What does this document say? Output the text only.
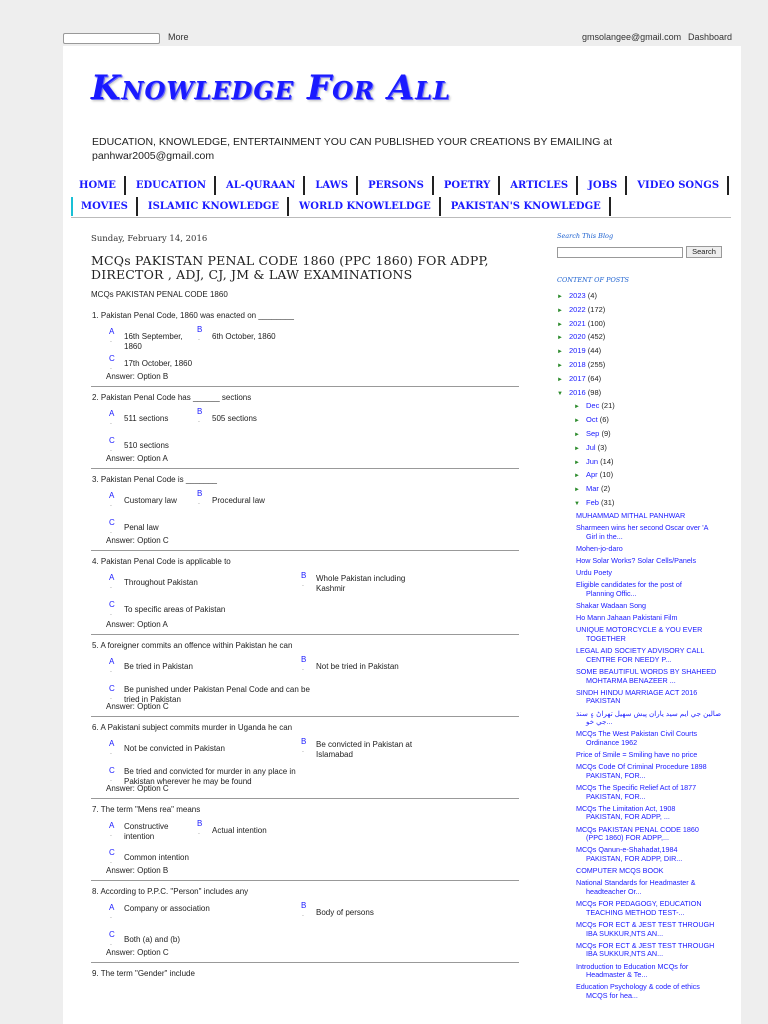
More	gmsolangee@gmail.com Dashboard
Knowledge For All
EDUCATION, KNOWLEDGE, ENTERTAINMENT YOU CAN PUBLISHED YOUR CREATIONS BY EMAILING at panhwar2005@gmail.com
HOME	EDUCATION	AL-QURAAN	LAWS	PERSONS	POETRY	ARTICLES	JOBS	VIDEO SONGS
MOVIES	ISLAMIC KNOWLEDGE	WORLD KNOWLELDGE	PAKISTAN'S KNOWLEDGE
Sunday, February 14, 2016
MCQs PAKISTAN PENAL CODE 1860 (PPC 1860) FOR ADPP, DIRECTOR , ADJ, CJ, JM & LAW EXAMINATIONS
MCQs PAKISTAN PENAL CODE 1860
1. Pakistan Penal Code, 1860 was enacted on ________
A
. 16th September, 1860
B
. 6th October, 1860
C
. 17th October, 1860
Answer: Option B
2. Pakistan Penal Code has ______ sections
A
. 511 sections
B
. 505 sections
C
. 510 sections
Answer: Option A
3. Pakistan Penal Code is _______
A
. Customary law
B
. Procedural law
C
. Penal law
Answer: Option C
4. Pakistan Penal Code is applicable to
A
. Throughout Pakistan
B
.
Whole Pakistan including Kashmir
C
. To specific areas of Pakistan
Answer: Option A
5. A foreigner commits an offence within Pakistan he can
A
. Be tried in Pakistan
B
. Not be tried in Pakistan
C
.
Be punished under Pakistan Penal Code and can be tried in Pakistan
Answer: Option C
6. A Pakistani subject commits murder in Uganda he can
A
. Not be convicted in Pakistan
B
.
Be convicted in Pakistan at Islamabad
C
.
Be tried and convicted for murder in any place in Pakistan wherever he may be found
Answer: Option C
7. The term "Mens rea" means
A
.
Constructive intention
B
. Actual intention
C
. Common intention
Answer: Option B
8. According to P.P.C. "Person" includes any
A
.
Company or association	B
. Body of persons
C
. Both (a) and (b)
Answer: Option C
9. The term "Gender" include
Search This Blog
Search
CONTENT OF POSTS
► 2023 (4)
► 2022 (172)
► 2021 (100)
► 2020 (452)
► 2019 (44)
► 2018 (255)
► 2017 (64)
▼ 2016 (98)
► Dec (21)
► Oct (6)
► Sep (9)
► Jul (3)
► Jun (14)
► Apr (10)
► Mar (2)
▼ Feb (31)
MUHAMMAD MITHAL PANHWAR
Sharmeen wins her second Oscar over 'A
Girl in the...
Mohen-jo-daro
How Solar Works? Solar Cells/Panels
Urdu Poety
Eligible candidates for the post of
Planning Offic...
Shakar Wadaan Song
Ho Mann Jahaan Pakistani Film
UNIQUE MOTORCYCLE & YOU EVER
TOGETHER
LEGAL AID SOCIETY ADVISORY CALL
CENTRE FOR NEEDY P...
SOME BEAUTIFUL WORDS BY SHAHEED
MOHTARMA BENAZEER ...
SINDH HINDU MARRIAGE ACT 2016
PAKISTAN
صالين جي ايم سيد ياران پيش سهيل تهراڻ ۽ سنڌ
جي خو...
MCQs The West Pakistan Civil Courts
Ordinance 1962
Price of Smile = Smiling have no price
MCQs Code Of Criminal Procedure 1898
PAKISTAN, FOR...
MCQs The Specific Relief Act of 1877
PAKISTAN, FOR...
MCQs The Limitation Act, 1908
PAKISTAN, FOR ADPP, ...
MCQs PAKISTAN PENAL CODE 1860
(PPC 1860) FOR ADPP,...
MCQs Qanun-e-Shahadat,1984
PAKISTAN, FOR ADPP, DIR...
COMPUTER MCQS BOOK
National Standards for Headmaster &
headteacher Or...
MCQs FOR PEDAGOGY, EDUCATION
TEACHING METHOD TEST-...
MCQs FOR ECT & JEST TEST THROUGH
IBA SUKKUR,NTS AN...
MCQs FOR ECT & JEST TEST THROUGH
IBA SUKKUR,NTS AN...
Introduction to Education MCQs for
Headmaster & Te...
Education Psychology & code of ethics
MCQS for hea...
